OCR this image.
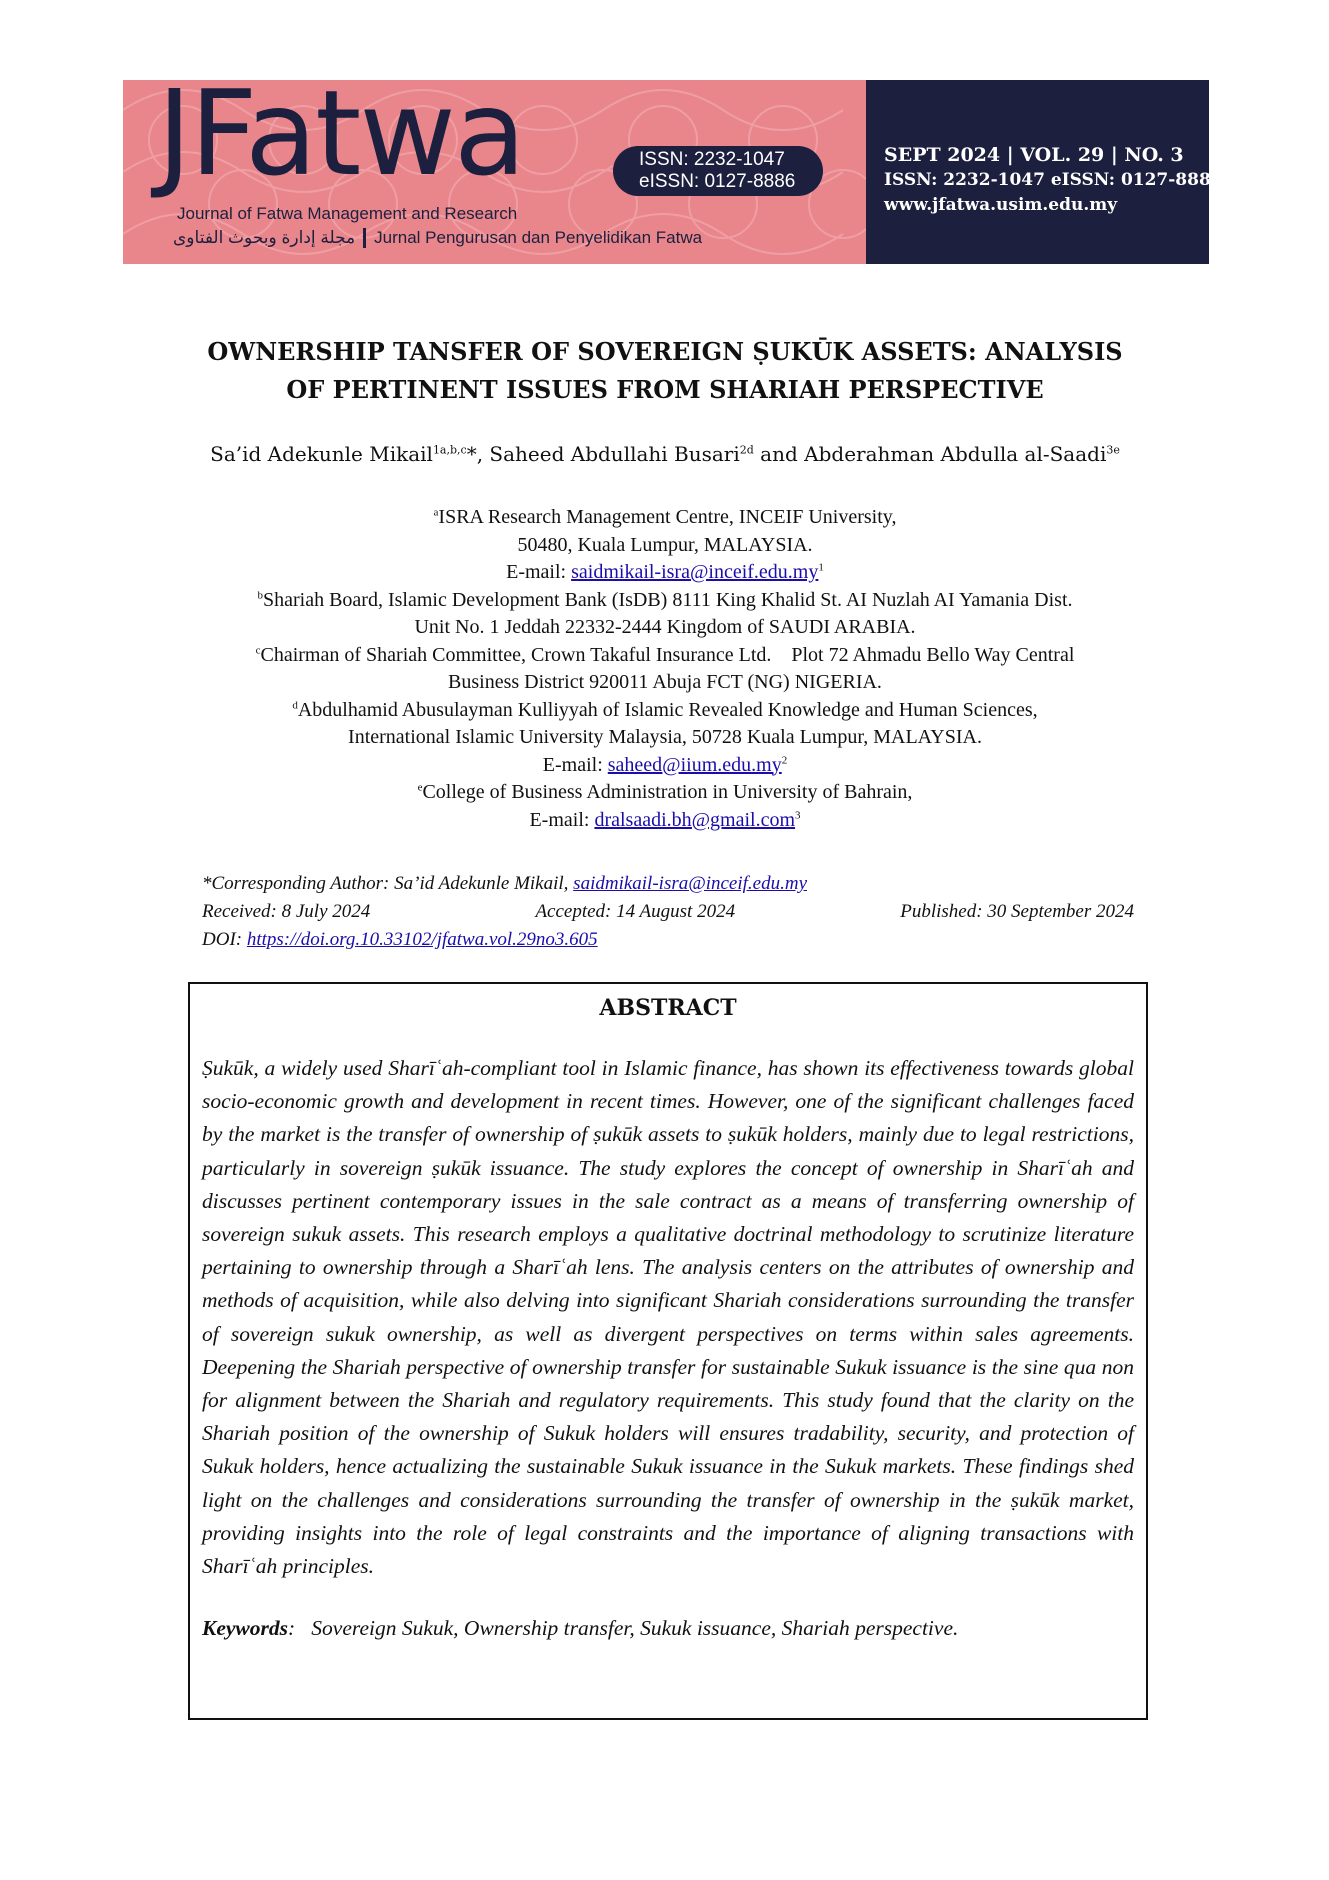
JFatwa
Journal of Fatwa Management and Research
مجلة إدارة وبحوث الفتاوى Jurnal Pengurusan dan Penyelidikan Fatwa
ISSN: 2232-1047
eISSN: 0127-8886
SEPT 2024 | VOL. 29 | NO. 3
ISSN: 2232-1047 eISSN: 0127-8886
www.jfatwa.usim.edu.my
OWNERSHIP TANSFER OF SOVEREIGN ṢUKŪK ASSETS: ANALYSIS
OF PERTINENT ISSUES FROM SHARIAH PERSPECTIVE
Sa’id Adekunle Mikail$^{1a,b,c}$*, Saheed Abdullahi Busari$^{2d}$ and Abderahman Abdulla al-Saadi$^{3e}$
$^a$ISRA Research Management Centre, INCEIF University,
50480, Kuala Lumpur, MALAYSIA.
E-mail: saidmikail-$isra@inceif.edu.my^1$
$^b$Shariah Board, Islamic Development Bank (IsDB) 8111 King Khalid St. AI Nuzlah AI Yamania Dist.
Unit No. 1 Jeddah 22332-2444 Kingdom of SAUDI ARABIA.
$^c$Chairman of Shariah Committee, Crown Takaful Insurance Ltd.    Plot 72 Ahmadu Bello Way Central
Business District 920011 Abuja FCT (NG) NIGERIA.
$^d$Abdulhamid Abusulayman Kulliyyah of Islamic Revealed Knowledge and Human Sciences,
International Islamic University Malaysia, 50728 Kuala Lumpur, MALAYSIA.
E-mail: $saheed@iium.edu.my^2$
$^e$College of Business Administration in University of Bahrain,
E-mail: dralsaadi.bh@gmail.com$^3$
*Corresponding Author: Sa’id Adekunle Mikail, saidmikail-isra@inceif.edu.my
Received: 8 July 2024	Accepted: 14 August 2024	Published: 30 September 2024
DOI: https://doi.org.10.33102/jfatwa.vol.29no3.605
ABSTRACT

Ṣukūk, a widely used Sharīʿah-compliant tool in Islamic finance, has shown its effectiveness towards global socio-economic growth and development in recent times. However, one of the significant challenges faced by the market is the transfer of ownership of ṣukūk assets to ṣukūk holders, mainly due to legal restrictions, particularly in sovereign ṣukūk issuance. The study explores the concept of ownership in Sharīʿah and discusses pertinent contemporary issues in the sale contract as a means of transferring ownership of sovereign sukuk assets. This research employs a qualitative doctrinal methodology to scrutinize literature pertaining to ownership through a Sharīʿah lens. The analysis centers on the attributes of ownership and methods of acquisition, while also delving into significant Shariah considerations surrounding the transfer of sovereign sukuk ownership, as well as divergent perspectives on terms within sales agreements. Deepening the Shariah perspective of ownership transfer for sustainable Sukuk issuance is the sine qua non for alignment between the Shariah and regulatory requirements. This study found that the clarity on the Shariah position of the ownership of Sukuk holders will ensures tradability, security, and protection of Sukuk holders, hence actualizing the sustainable Sukuk issuance in the Sukuk markets. These findings shed light on the challenges and considerations surrounding the transfer of ownership in the ṣukūk market, providing insights into the role of legal constraints and the importance of aligning transactions with Sharīʿah principles.

Keywords:   Sovereign Sukuk, Ownership transfer, Sukuk issuance, Shariah perspective.
